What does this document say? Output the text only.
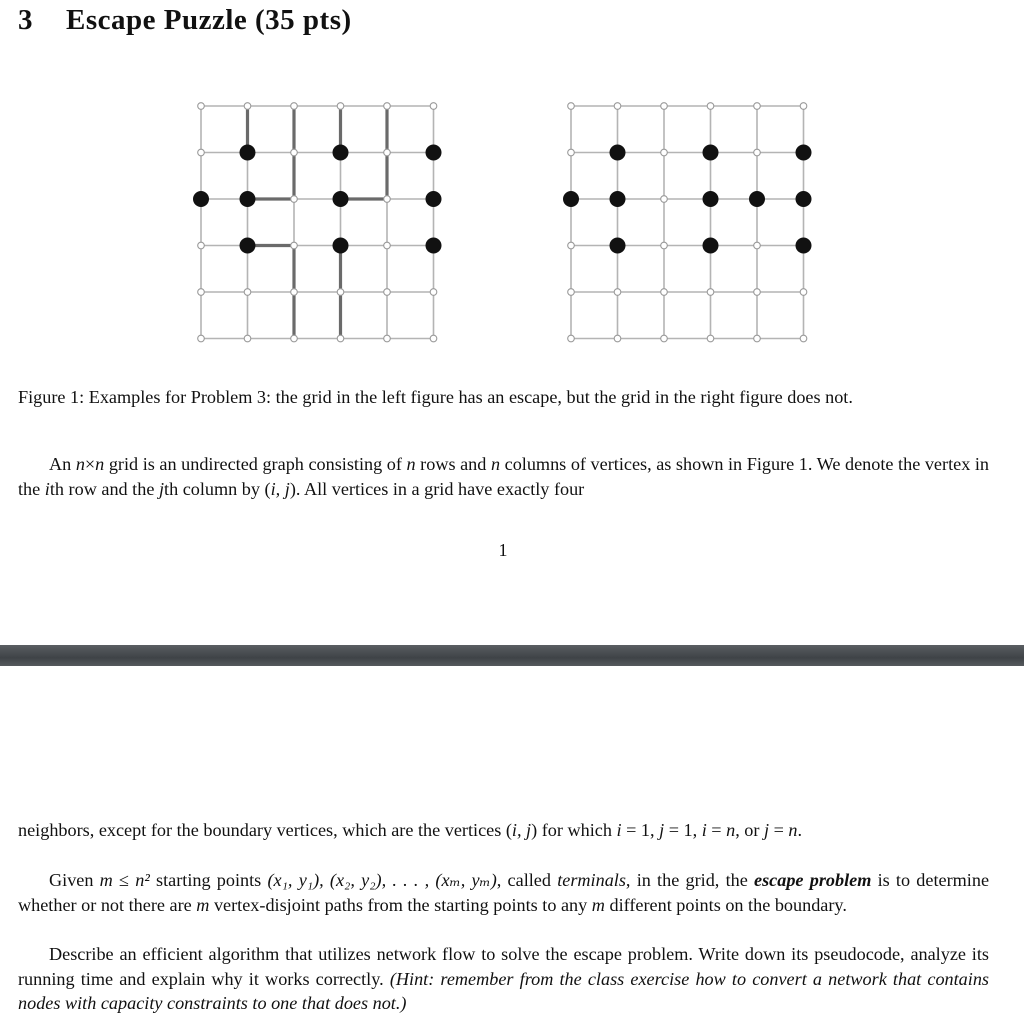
3 Escape Puzzle (35 pts)

Figure 1: Examples for Problem 3: the grid in the left figure has an escape, but the grid in the right figure does not.

An n×n grid is an undirected graph consisting of n rows and n columns of vertices, as shown in Figure 1. We denote the vertex in the ith row and the jth column by (i, j). All vertices in a grid have exactly four

1

neighbors, except for the boundary vertices, which are the vertices (i, j) for which i = 1, j = 1, i = n, or j = n.

Given m ≤ n² starting points (x₁, y₁), (x₂, y₂), . . . , (xₘ, yₘ), called terminals, in the grid, the escape problem is to determine whether or not there are m vertex-disjoint paths from the starting points to any m different points on the boundary.

Describe an efficient algorithm that utilizes network flow to solve the escape problem. Write down its pseudocode, analyze its running time and explain why it works correctly. (Hint: remember from the class exercise how to convert a network that contains nodes with capacity constraints to one that does not.)
